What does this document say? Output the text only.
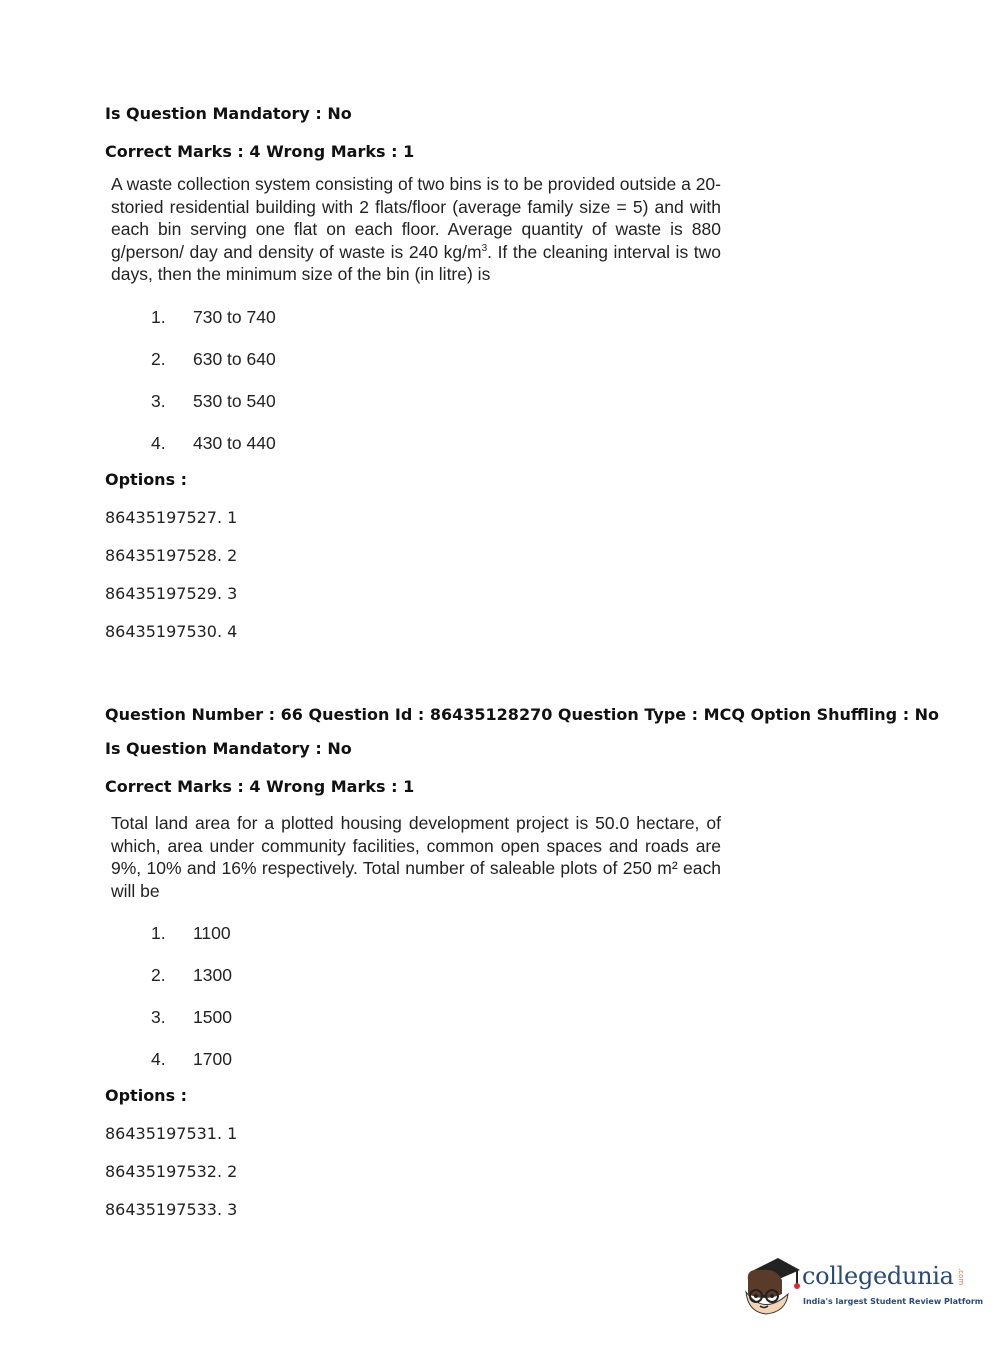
Is Question Mandatory : No
Correct Marks : 4 Wrong Marks : 1
A waste collection system consisting of two bins is to be provided outside a 20-storied residential building with 2 flats/floor (average family size = 5) and with each bin serving one flat on each floor. Average quantity of waste is 880 g/person/ day and density of waste is 240 $kg/m^3$. If the cleaning interval is two days, then the minimum size of the bin (in litre) is
1. 730 to 740
2. 630 to 640
3. 530 to 540
4. 430 to 440
Options :
86435197527. 1
86435197528. 2
86435197529. 3
86435197530. 4
Question Number : 66 Question Id : 86435128270 Question Type : MCQ Option Shuffling : No
Is Question Mandatory : No
Correct Marks : 4 Wrong Marks : 1
Total land area for a plotted housing development project is 50.0 hectare, of which, area under community facilities, common open spaces and roads are 9%, 10% and 16% respectively. Total number of saleable plots of 250 m² each will be
1. 1100
2. 1300
3. 1500
4. 1700
Options :
86435197531. 1
86435197532. 2
86435197533. 3
collegedunia .com
India's largest Student Review Platform
